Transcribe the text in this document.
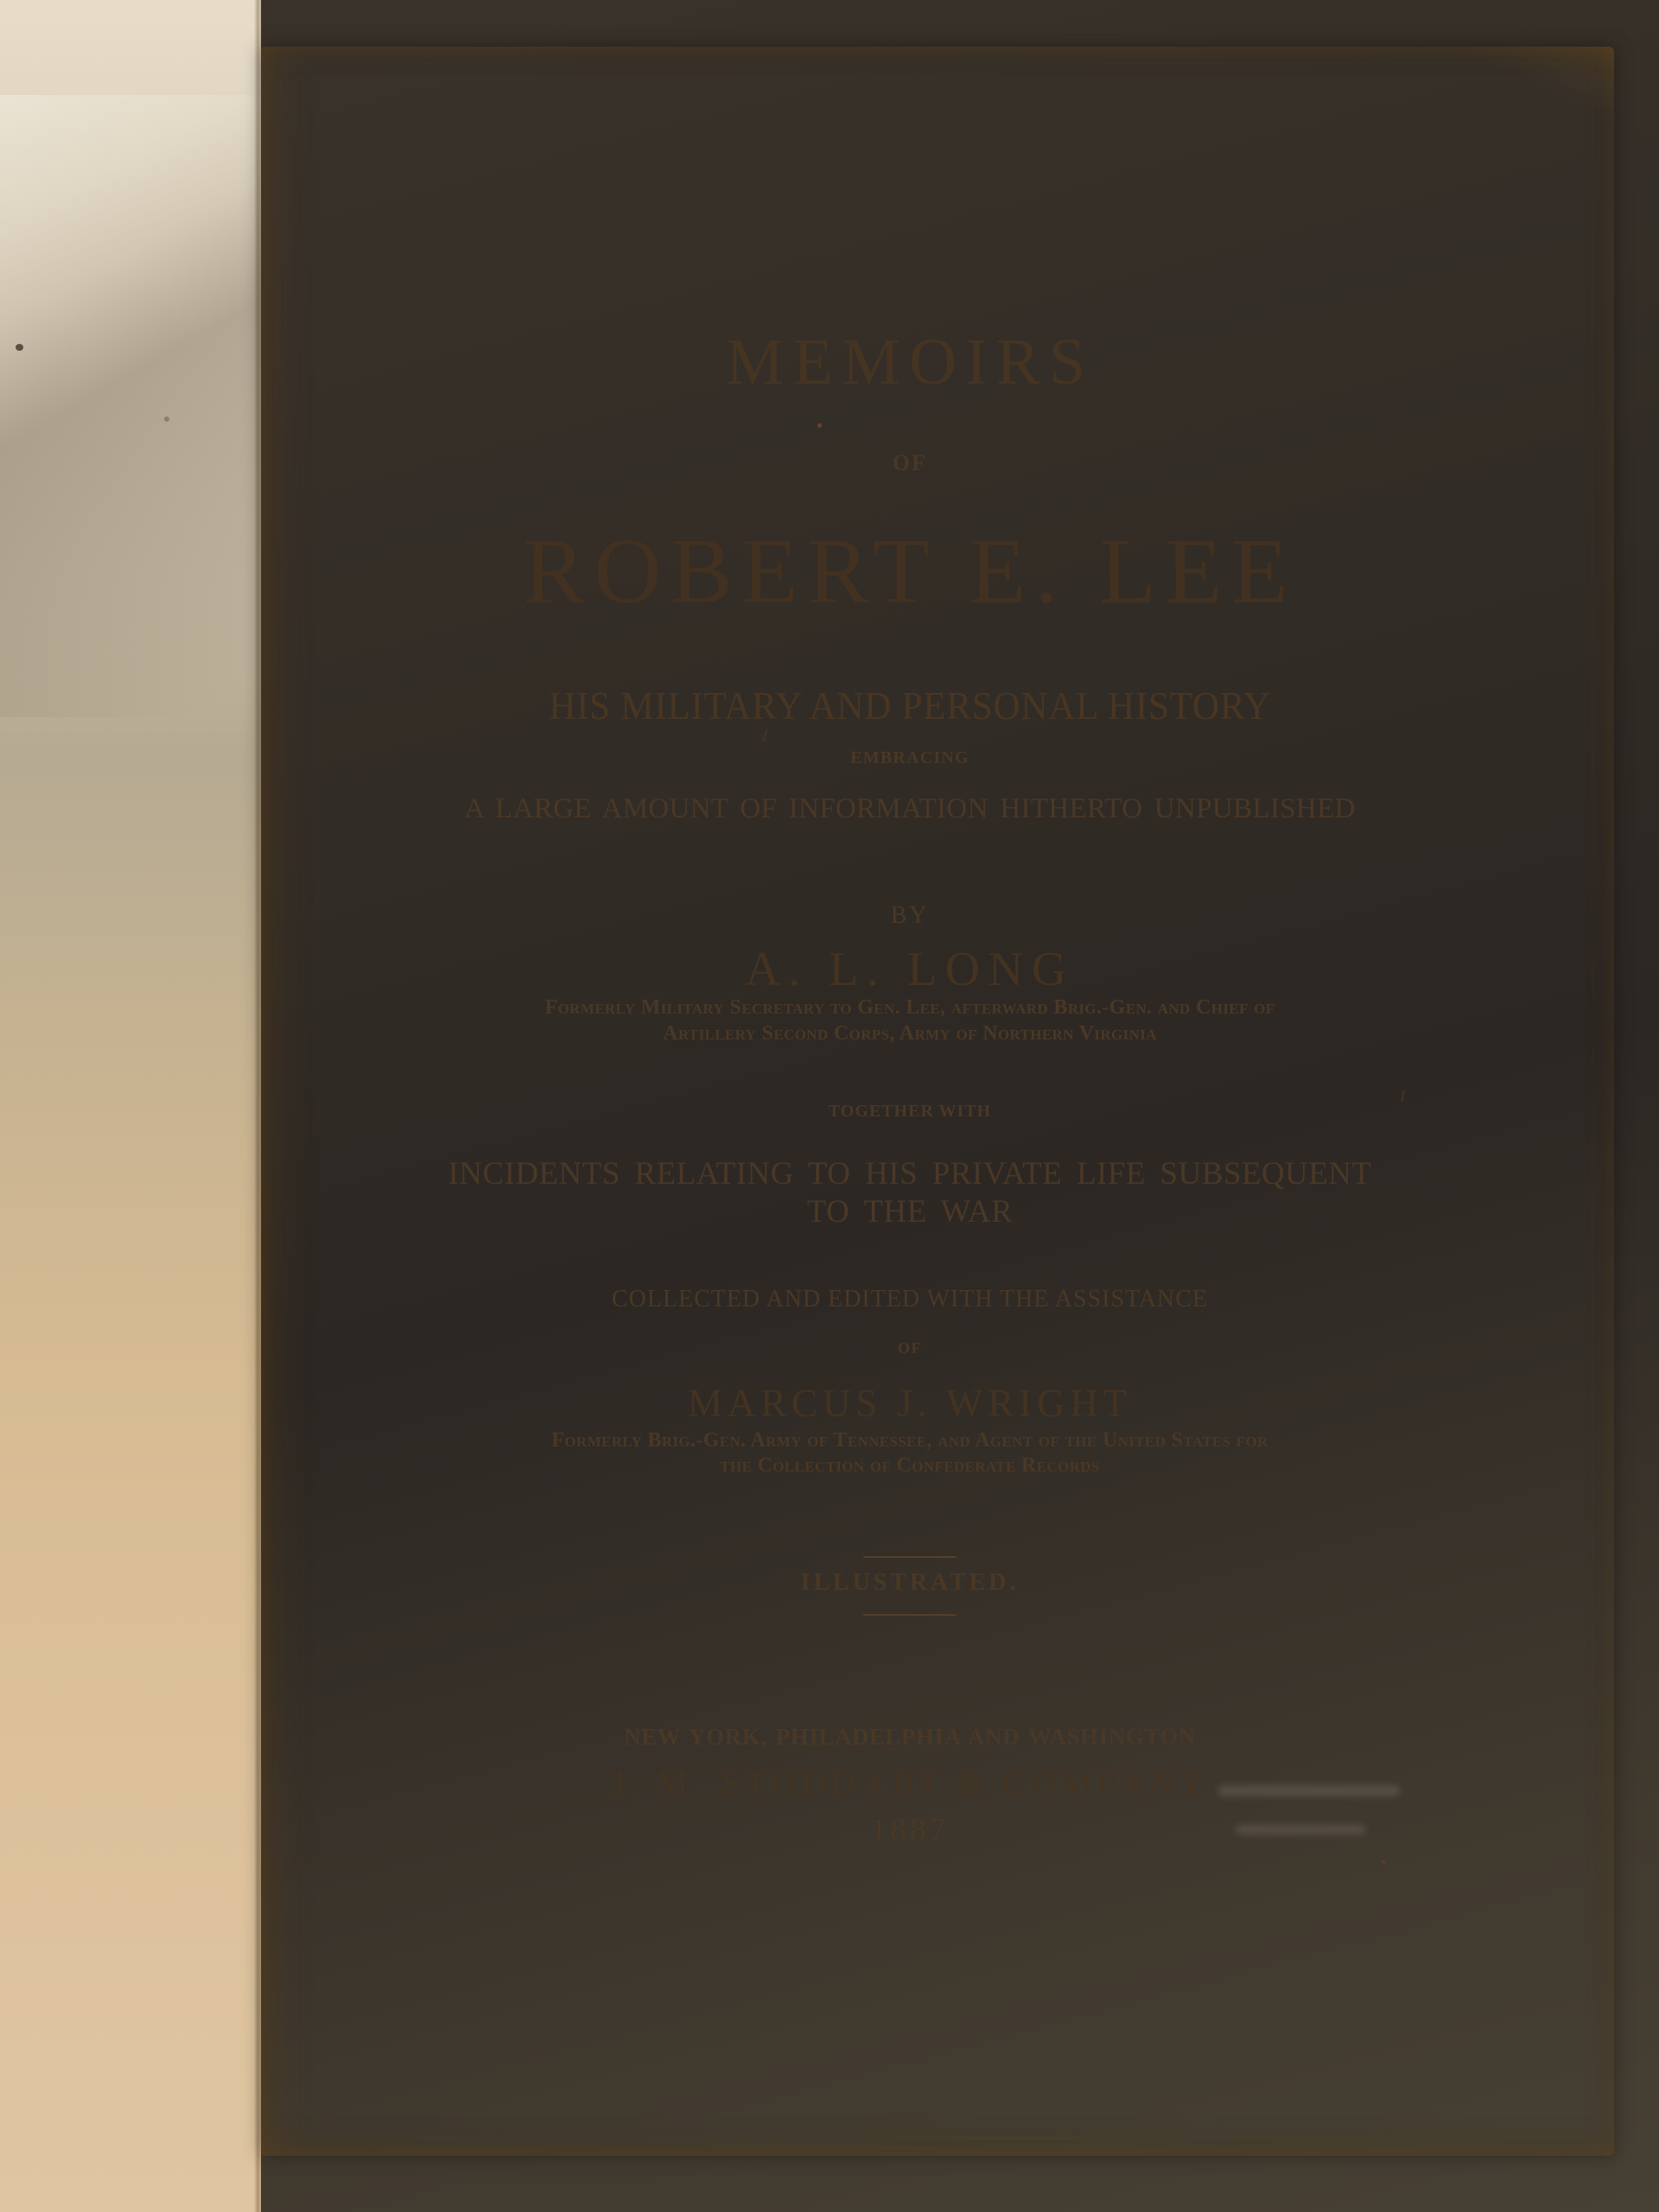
MEMOIRS
OF
ROBERT E. LEE
HIS MILITARY AND PERSONAL HISTORY
EMBRACING
A LARGE AMOUNT OF INFORMATION HITHERTO UNPUBLISHED
BY
A. L. LONG
Formerly Military Secretary to Gen. Lee, afterward Brig.-Gen. and Chief of
Artillery Second Corps, Army of Northern Virginia
TOGETHER WITH
INCIDENTS RELATING TO HIS PRIVATE LIFE SUBSEQUENT
TO THE WAR
COLLECTED AND EDITED WITH THE ASSISTANCE
OF
MARCUS J. WRIGHT
Formerly Brig.-Gen. Army of Tennessee, and Agent of the United States for
the Collection of Confederate Records
ILLUSTRATED.
NEW YORK, PHILADELPHIA AND WASHINGTON
J. M. STODDART & COMPANY
1887
